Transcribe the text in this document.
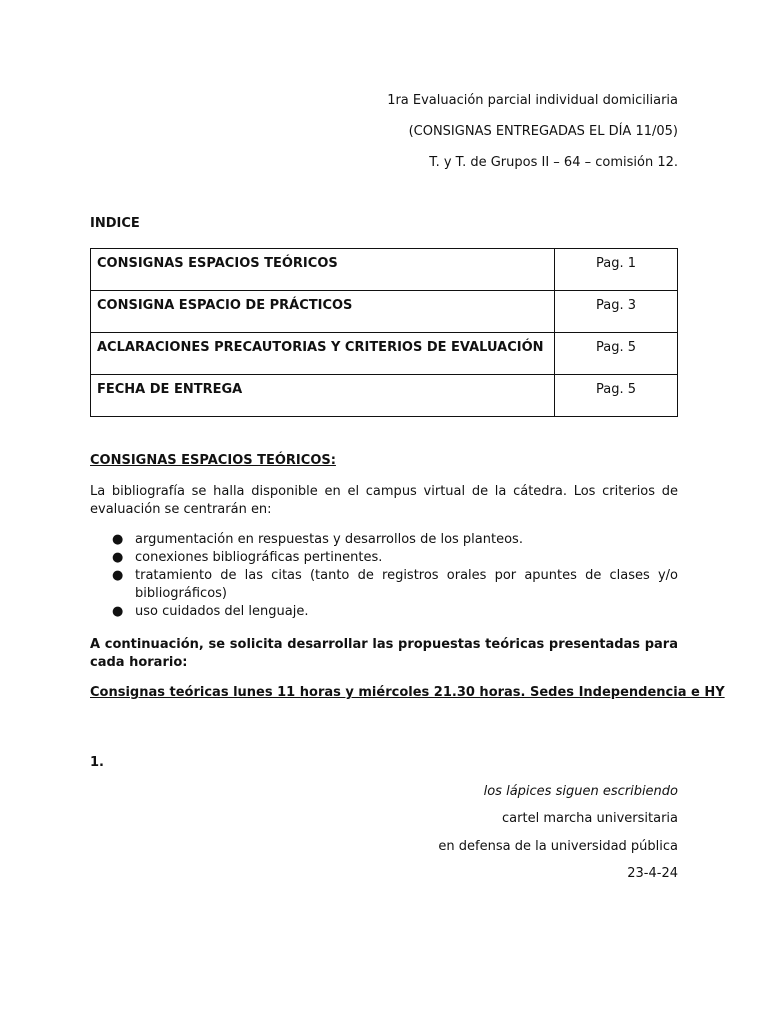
1ra Evaluación parcial individual domiciliaria
(CONSIGNAS ENTREGADAS EL DÍA 11/05)
T. y T. de Grupos II – 64 – comisión 12.
INDICE
CONSIGNAS ESPACIOS TEÓRICOS	Pag. 1
CONSIGNA ESPACIO DE PRÁCTICOS	Pag. 3
ACLARACIONES PRECAUTORIAS Y CRITERIOS DE EVALUACIÓN	Pag. 5
FECHA DE ENTREGA	Pag. 5
CONSIGNAS ESPACIOS TEÓRICOS:
La bibliografía se halla disponible en el campus virtual de la cátedra. Los criterios de evaluación se centrarán en:
● argumentación en respuestas y desarrollos de los planteos.
● conexiones bibliográficas pertinentes.
● tratamiento de las citas (tanto de registros orales por apuntes de clases y/o bibliográficos)
● uso cuidados del lenguaje.
A continuación, se solicita desarrollar las propuestas teóricas presentadas para cada horario:
Consignas teóricas lunes 11 horas y miércoles 21.30 horas. Sedes Independencia e HY
1.
los lápices siguen escribiendo
cartel marcha universitaria
en defensa de la universidad pública
23-4-24
